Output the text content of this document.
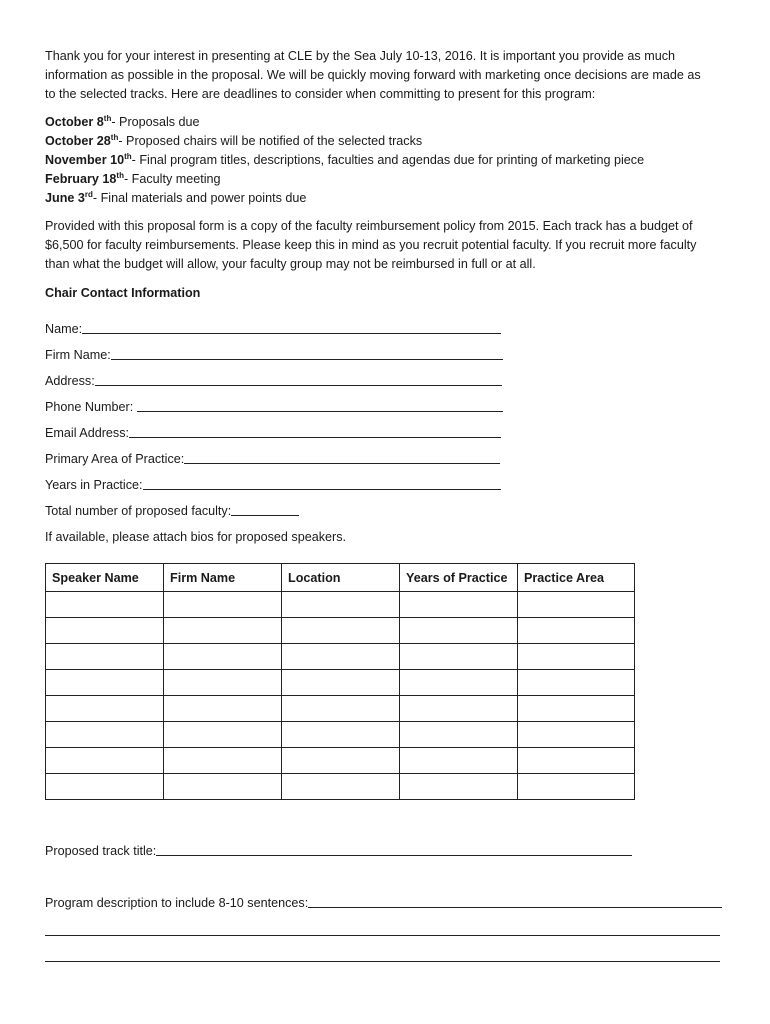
Thank you for your interest in presenting at CLE by the Sea July 10-13, 2016. It is important you provide as much
information as possible in the proposal. We will be quickly moving forward with marketing once decisions are made as
to the selected tracks. Here are deadlines to consider when committing to present for this program:
October 8th- Proposals due
October 28th- Proposed chairs will be notified of the selected tracks
November 10th- Final program titles, descriptions, faculties and agendas due for printing of marketing piece
February 18th- Faculty meeting
June 3rd- Final materials and power points due
Provided with this proposal form is a copy of the faculty reimbursement policy from 2015. Each track has a budget of
$6,500 for faculty reimbursements. Please keep this in mind as you recruit potential faculty. If you recruit more faculty
than what the budget will allow, your faculty group may not be reimbursed in full or at all.
Chair Contact Information
Name:
Firm Name:
Address:
Phone Number:
Email Address:
Primary Area of Practice:
Years in Practice:
Total number of proposed faculty:
If available, please attach bios for proposed speakers.
Speaker Name	Firm Name	Location	Years of Practice	Practice Area

Proposed track title:
Program description to include 8-10 sentences:
